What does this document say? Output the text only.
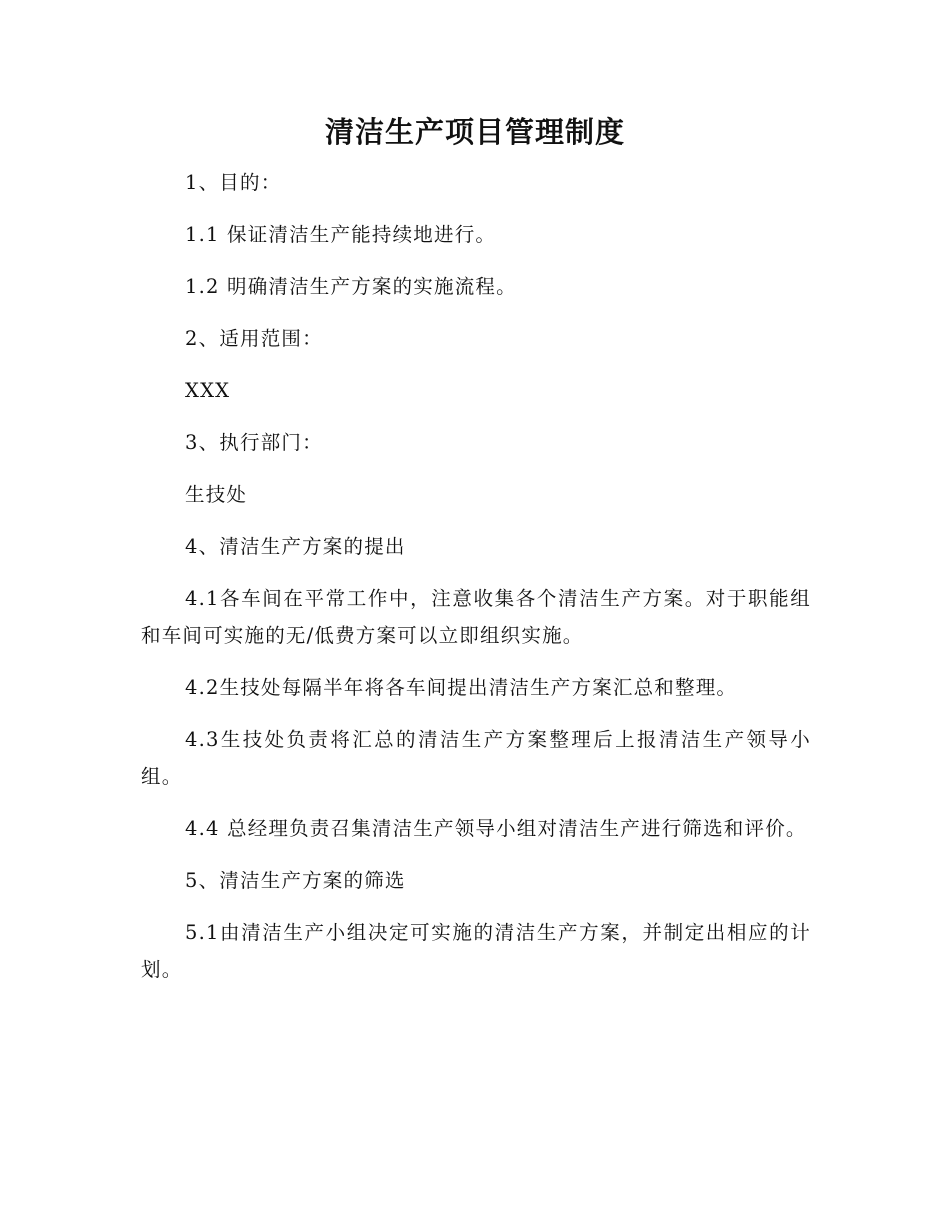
清洁生产项目管理制度

1、目的：

1.1 保证清洁生产能持续地进行。

1.2 明确清洁生产方案的实施流程。

2、适用范围：

XXX

3、执行部门：

生技处

4、清洁生产方案的提出

4.1各车间在平常工作中，注意收集各个清洁生产方案。对于职能组和车间可实施的无/低费方案可以立即组织实施。

4.2生技处每隔半年将各车间提出清洁生产方案汇总和整理。

4.3生技处负责将汇总的清洁生产方案整理后上报清洁生产领导小组。

4.4 总经理负责召集清洁生产领导小组对清洁生产进行筛选和评价。

5、清洁生产方案的筛选

5.1由清洁生产小组决定可实施的清洁生产方案，并制定出相应的计划。
